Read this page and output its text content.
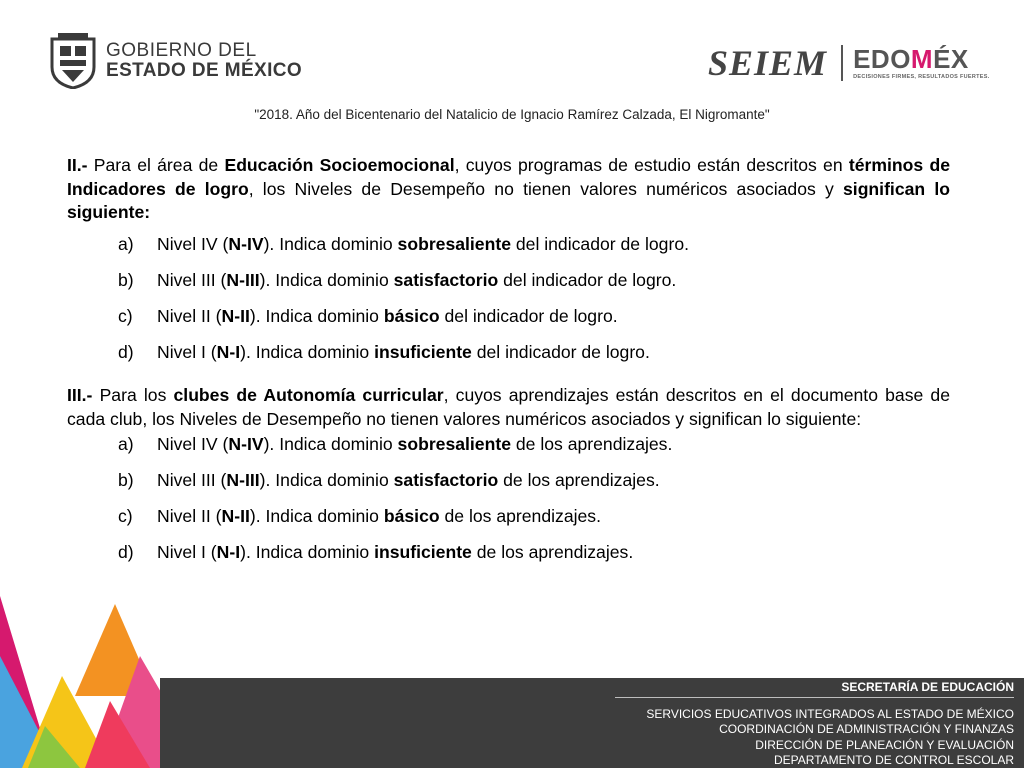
GOBIERNO DEL
ESTADO DE MÉXICO	SEIEM EDOMÉX
DECISIONES FIRMES, RESULTADOS FUERTES.
"2018. Año del Bicentenario del Natalicio de Ignacio Ramírez Calzada, El Nigromante"

II.- Para el área de Educación Socioemocional, cuyos programas de estudio están descritos en términos de Indicadores de logro, los Niveles de Desempeño no tienen valores numéricos asociados y significan lo siguiente:

a)	Nivel IV (N-IV). Indica dominio sobresaliente del indicador de logro.
b)	Nivel III (N-III). Indica dominio satisfactorio del indicador de logro.
c)	Nivel II (N-II). Indica dominio básico del indicador de logro.
d)	Nivel I (N-I). Indica dominio insuficiente del indicador de logro.

III.- Para los clubes de Autonomía curricular, cuyos aprendizajes están descritos en el documento base de cada club, los Niveles de Desempeño no tienen valores numéricos asociados y significan lo siguiente:

a)	Nivel IV (N-IV). Indica dominio sobresaliente de los aprendizajes.
b)	Nivel III (N-III). Indica dominio satisfactorio de los aprendizajes.
c)	Nivel II (N-II). Indica dominio básico de los aprendizajes.
d)	Nivel I (N-I). Indica dominio insuficiente de los aprendizajes.
SECRETARÍA DE EDUCACIÓN
SERVICIOS EDUCATIVOS INTEGRADOS AL ESTADO DE MÉXICO
COORDINACIÓN DE ADMINISTRACIÓN Y FINANZAS
DIRECCIÓN DE PLANEACIÓN Y EVALUACIÓN
DEPARTAMENTO DE CONTROL ESCOLAR
